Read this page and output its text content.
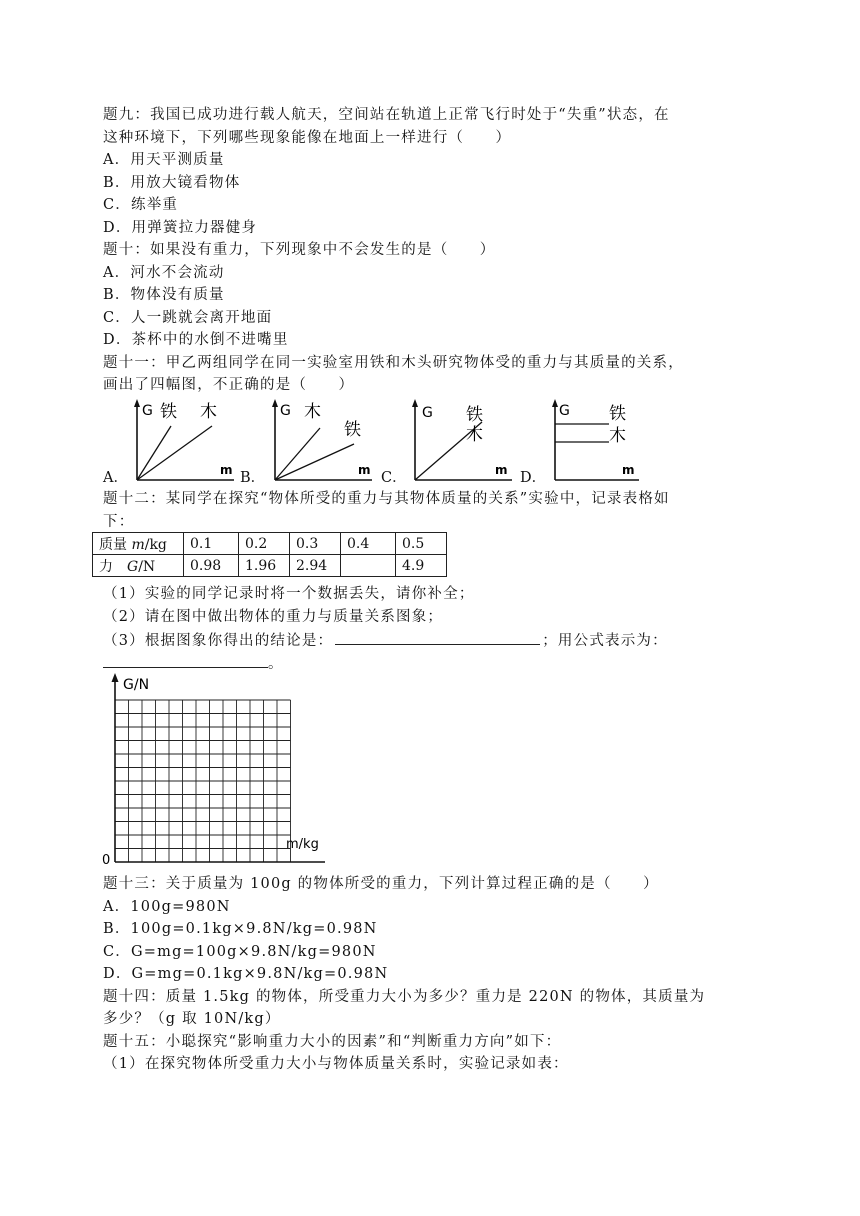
题九：我国已成功进行载人航天，空间站在轨道上正常飞行时处于“失重”状态，在
这种环境下，下列哪些现象能像在地面上一样进行（　　）
A．用天平测质量
B．用放大镜看物体
C．练举重
D．用弹簧拉力器健身
题十：如果没有重力，下列现象中不会发生的是（　　）
A．河水不会流动
B．物体没有质量
C．人一跳就会离开地面
D．茶杯中的水倒不进嘴里
题十一：甲乙两组同学在同一实验室用铁和木头研究物体受的重力与其质量的关系，
画出了四幅图，不正确的是（　　）
A．	B．	C．	D．
G 铁 木
m
G 木
铁
m
G 铁
木
m
G 铁
木
m
题十二：某同学在探究“物体所受的重力与其物体质量的关系”实验中，记录表格如
下：
质量 m/kg	0.1	0.2	0.3	0.4	0.5
力　G/N	0.98	1.96	2.94		4.9
（1）实验的同学记录时将一个数据丢失，请你补全；
（2）请在图中做出物体的重力与质量关系图象；
（3）根据图象你得出的结论是：	；用公式表示为：
。
G/N
m/kg
0
题十三：关于质量为 100g 的物体所受的重力，下列计算过程正确的是（　　）
A．100g=980N
B．100g=0.1kg×9.8N/kg=0.98N
C．G=mg=100g×9.8N/kg=980N
D．G=mg=0.1kg×9.8N/kg=0.98N
题十四：质量 1.5kg 的物体，所受重力大小为多少？重力是 220N 的物体，其质量为
多少？（g 取 10N/kg）
题十五：小聪探究“影响重力大小的因素”和“判断重力方向”如下：
（1）在探究物体所受重力大小与物体质量关系时，实验记录如表：
